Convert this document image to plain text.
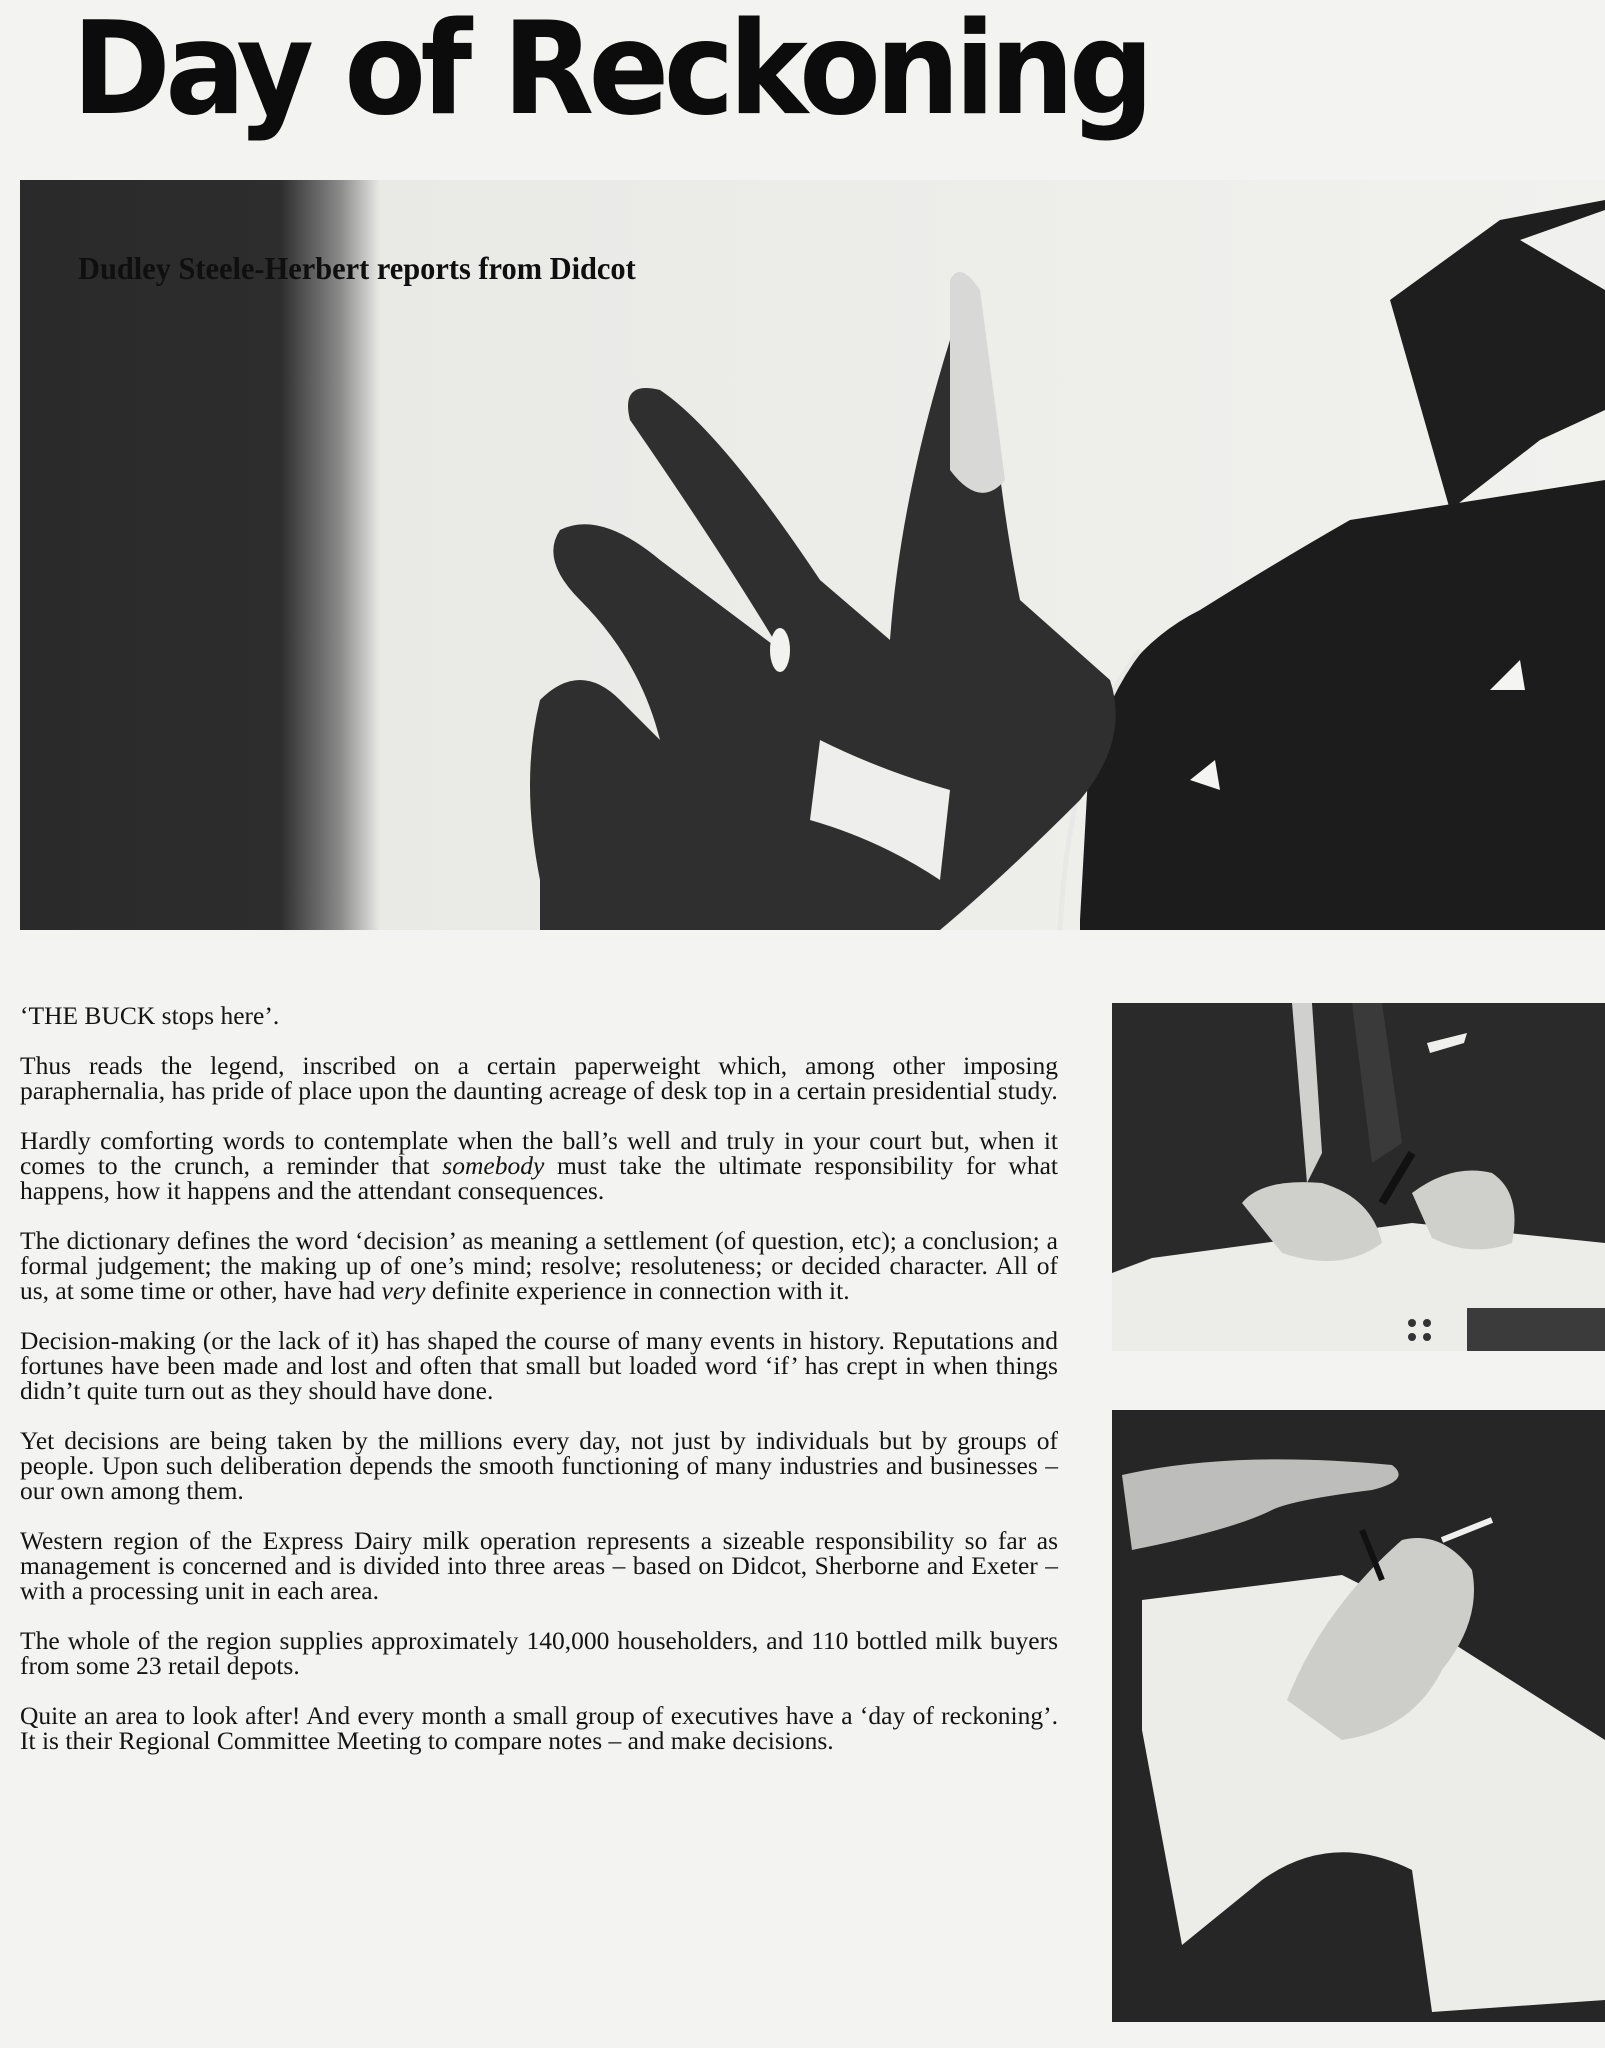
Day of Reckoning
Dudley Steele-Herbert reports from Didcot

‘THE BUCK stops here’.

Thus reads the legend, inscribed on a certain paperweight which, among other imposing paraphernalia, has pride of place upon the daunting acreage of desk top in a certain presidential study.

Hardly comforting words to contemplate when the ball’s well and truly in your court but, when it comes to the crunch, a reminder that somebody must take the ultimate responsibility for what happens, how it happens and the attendant consequences.

The dictionary defines the word ‘decision’ as meaning a settlement (of question, etc); a conclusion; a formal judgement; the making up of one’s mind; resolve; resoluteness; or decided character. All of us, at some time or other, have had very definite experience in connection with it.

Decision-making (or the lack of it) has shaped the course of many events in history. Reputations and fortunes have been made and lost and often that small but loaded word ‘if’ has crept in when things didn’t quite turn out as they should have done.

Yet decisions are being taken by the millions every day, not just by individuals but by groups of people. Upon such deliberation depends the smooth functioning of many industries and businesses – our own among them.

Western region of the Express Dairy milk operation represents a sizeable responsibility so far as management is concerned and is divided into three areas – based on Didcot, Sherborne and Exeter – with a processing unit in each area.

The whole of the region supplies approximately 140,000 householders, and 110 bottled milk buyers from some 23 retail depots.

Quite an area to look after! And every month a small group of executives have a ‘day of reckoning’. It is their Regional Committee Meeting to compare notes – and make decisions.
